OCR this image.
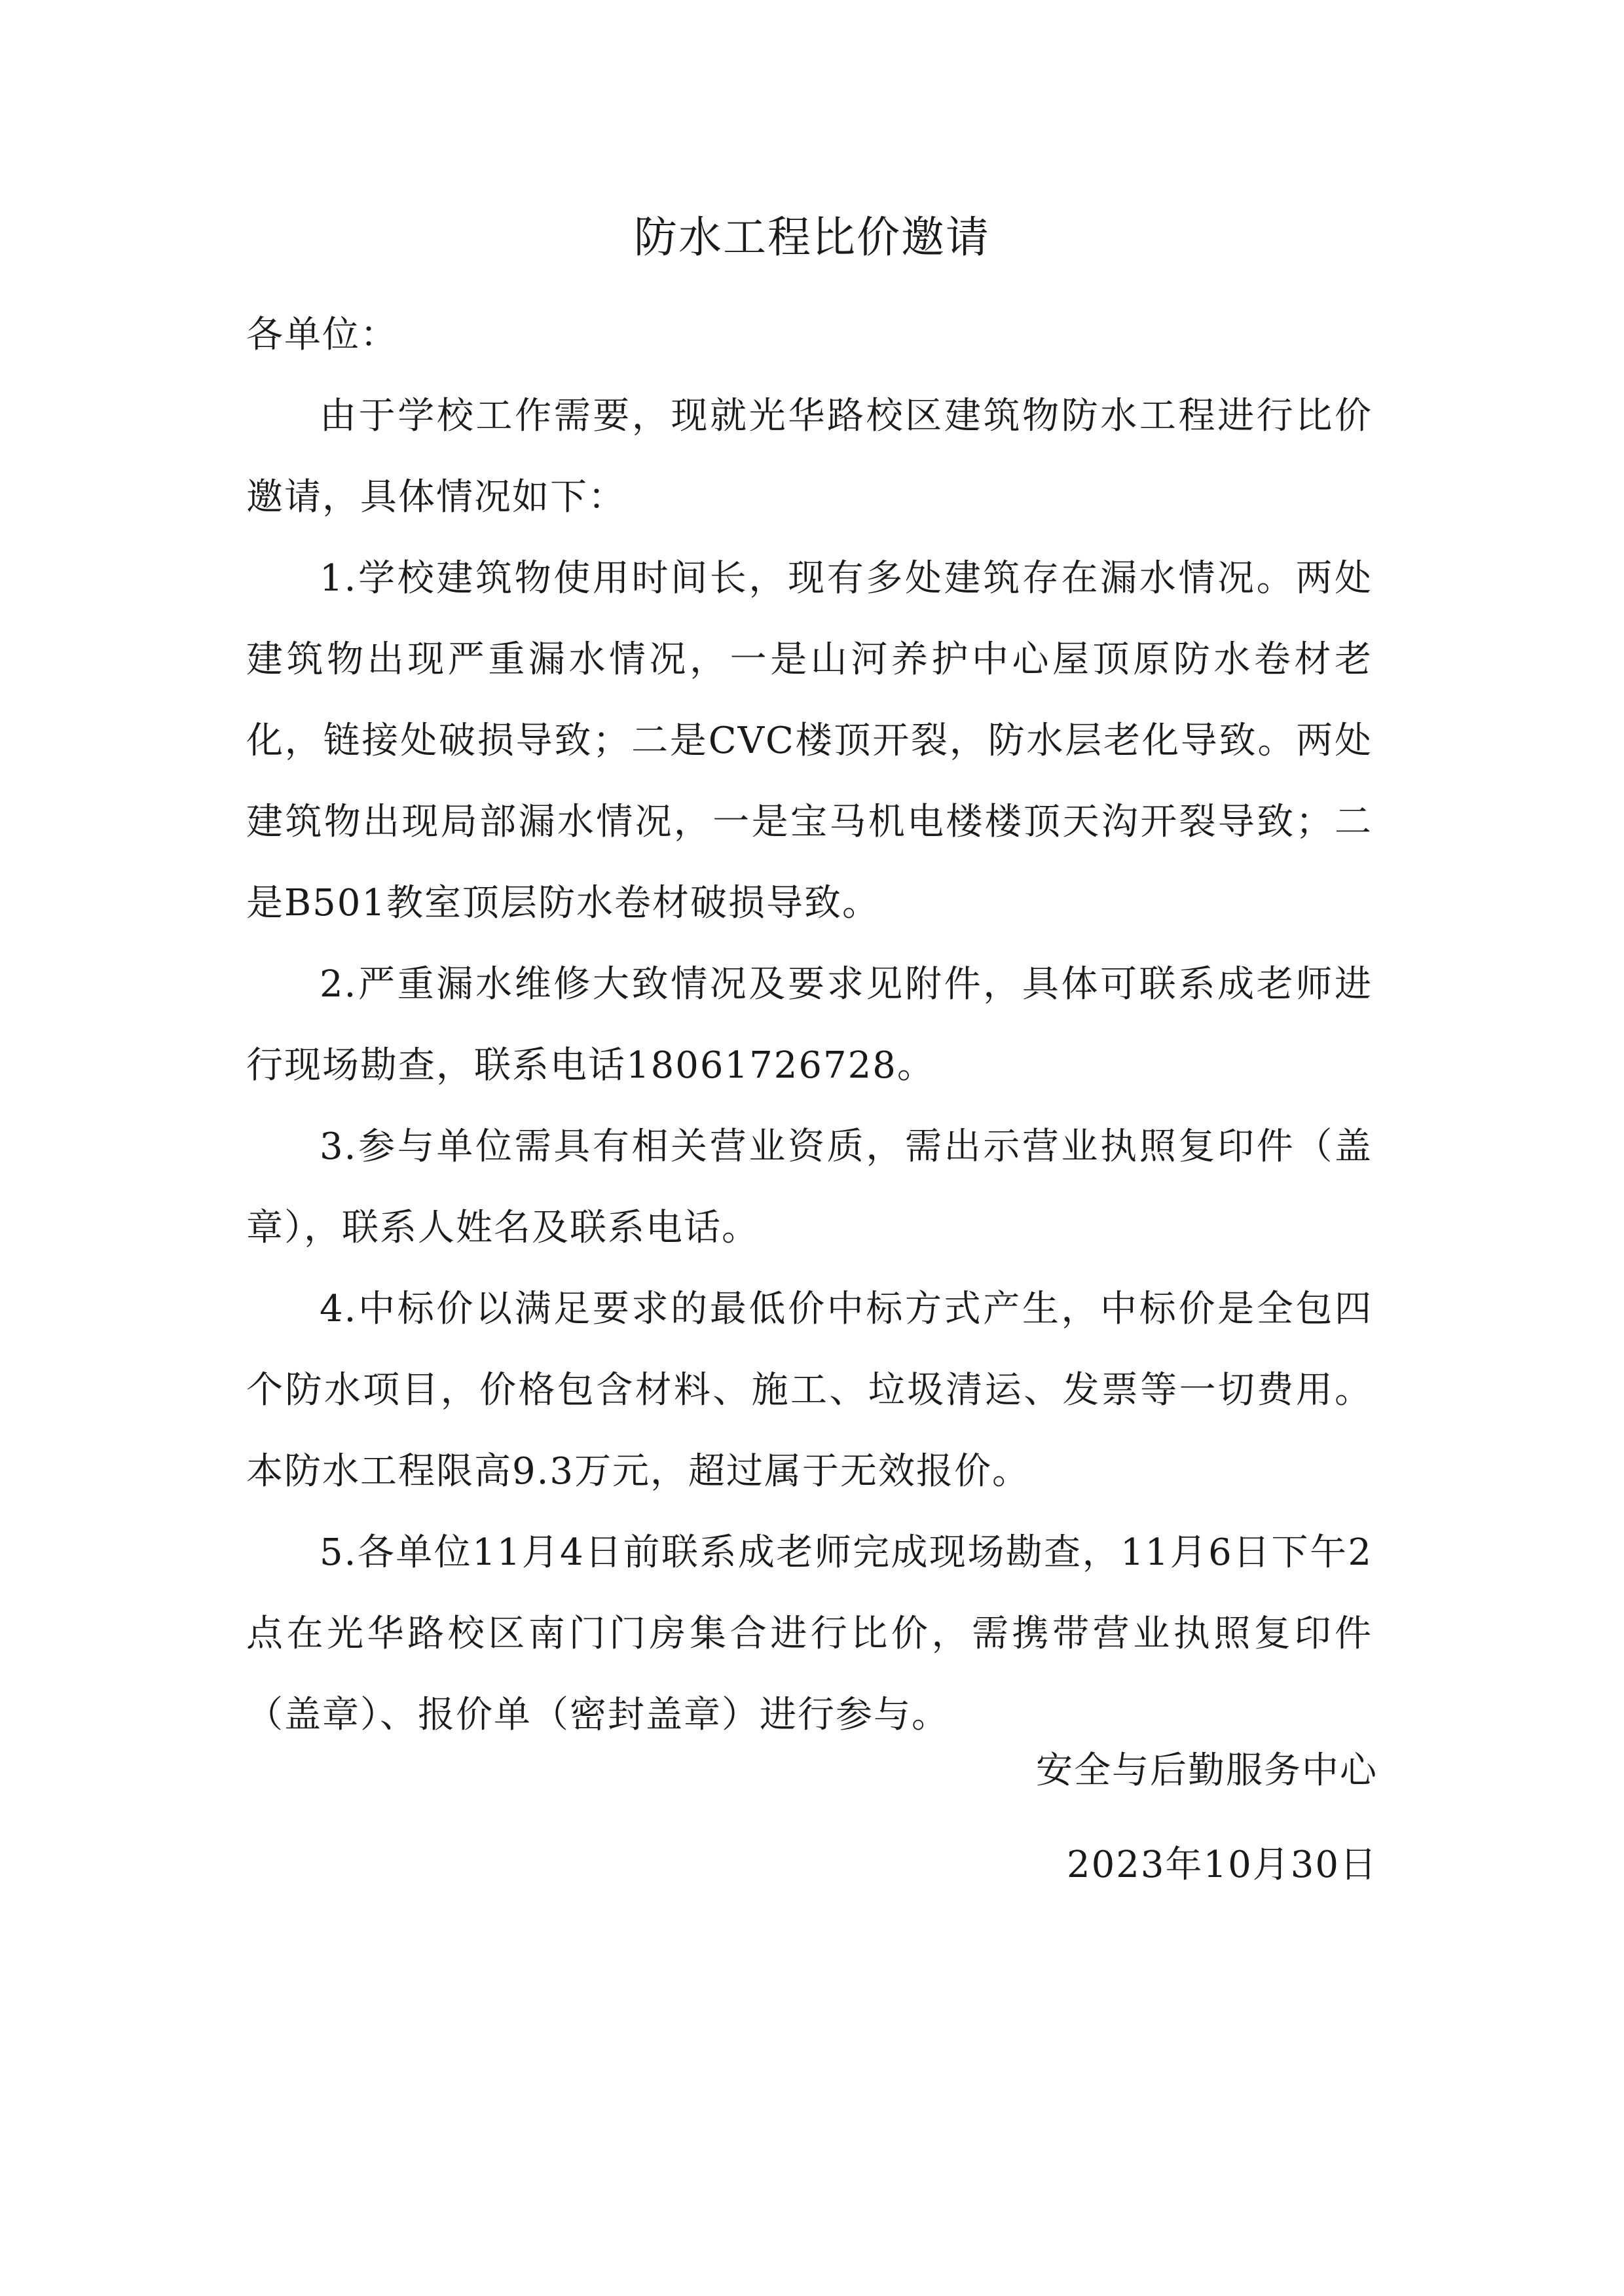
防水工程比价邀请

各单位：

由于学校工作需要，现就光华路校区建筑物防水工程进行比价邀请，具体情况如下：

1.学校建筑物使用时间长，现有多处建筑存在漏水情况。两处建筑物出现严重漏水情况，一是山河养护中心屋顶原防水卷材老化，链接处破损导致；二是CVC楼顶开裂，防水层老化导致。两处建筑物出现局部漏水情况，一是宝马机电楼楼顶天沟开裂导致；二是B501教室顶层防水卷材破损导致。

2.严重漏水维修大致情况及要求见附件，具体可联系成老师进行现场勘查，联系电话18061726728。

3.参与单位需具有相关营业资质，需出示营业执照复印件（盖章），联系人姓名及联系电话。

4.中标价以满足要求的最低价中标方式产生，中标价是全包四个防水项目，价格包含材料、施工、垃圾清运、发票等一切费用。本防水工程限高9.3万元，超过属于无效报价。

5.各单位11月4日前联系成老师完成现场勘查，11月6日下午2点在光华路校区南门门房集合进行比价，需携带营业执照复印件（盖章）、报价单（密封盖章）进行参与。

安全与后勤服务中心
2023年10月30日
